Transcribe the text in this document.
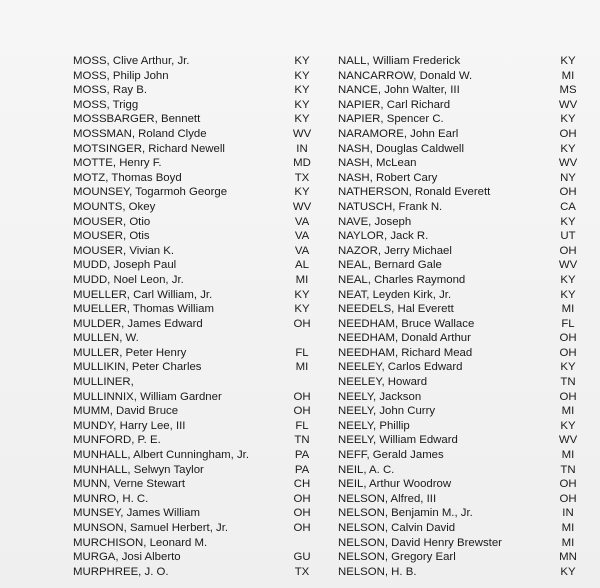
MOSS, Clive Arthur, Jr.	KY
MOSS, Philip John	KY
MOSS, Ray B.	KY
MOSS, Trigg	KY
MOSSBARGER, Bennett	KY
MOSSMAN, Roland Clyde	WV
MOTSINGER, Richard Newell	IN
MOTTE, Henry F.	MD
MOTZ, Thomas Boyd	TX
MOUNSEY, Togarmoh George	KY
MOUNTS, Okey	WV
MOUSER, Otio	VA
MOUSER, Otis	VA
MOUSER, Vivian K.	VA
MUDD, Joseph Paul	AL
MUDD, Noel Leon, Jr.	MI
MUELLER, Carl William, Jr.	KY
MUELLER, Thomas William	KY
MULDER, James Edward	OH
MULLEN, W.
MULLER, Peter Henry	FL
MULLIKIN, Peter Charles	MI
MULLINER,
MULLINNIX, William Gardner	OH
MUMM, David Bruce	OH
MUNDY, Harry Lee, III	FL
MUNFORD, P. E.	TN
MUNHALL, Albert Cunningham, Jr.	PA
MUNHALL, Selwyn Taylor	PA
MUNN, Verne Stewart	CH
MUNRO, H. C.	OH
MUNSEY, James William	OH
MUNSON, Samuel Herbert, Jr.	OH
MURCHISON, Leonard M.
MURGA, Josi Alberto	GU
MURPHREE, J. O.	TX
NALL, William Frederick	KY
NANCARROW, Donald W.	MI
NANCE, John Walter, III	MS
NAPIER, Carl Richard	WV
NAPIER, Spencer C.	KY
NARAMORE, John Earl	OH
NASH, Douglas Caldwell	KY
NASH, McLean	WV
NASH, Robert Cary	NY
NATHERSON, Ronald Everett	OH
NATUSCH, Frank N.	CA
NAVE, Joseph	KY
NAYLOR, Jack R.	UT
NAZOR, Jerry Michael	OH
NEAL, Bernard Gale	WV
NEAL, Charles Raymond	KY
NEAT, Leyden Kirk, Jr.	KY
NEEDELS, Hal Everett	MI
NEEDHAM, Bruce Wallace	FL
NEEDHAM, Donald Arthur	OH
NEEDHAM, Richard Mead	OH
NEELEY, Carlos Edward	KY
NEELEY, Howard	TN
NEELY, Jackson	OH
NEELY, John Curry	MI
NEELY, Phillip	KY
NEELY, William Edward	WV
NEFF, Gerald James	MI
NEIL, A. C.	TN
NEIL, Arthur Woodrow	OH
NELSON, Alfred, III	OH
NELSON, Benjamin M., Jr.	IN
NELSON, Calvin David	MI
NELSON, David Henry Brewster	MI
NELSON, Gregory Earl	MN
NELSON, H. B.	KY
